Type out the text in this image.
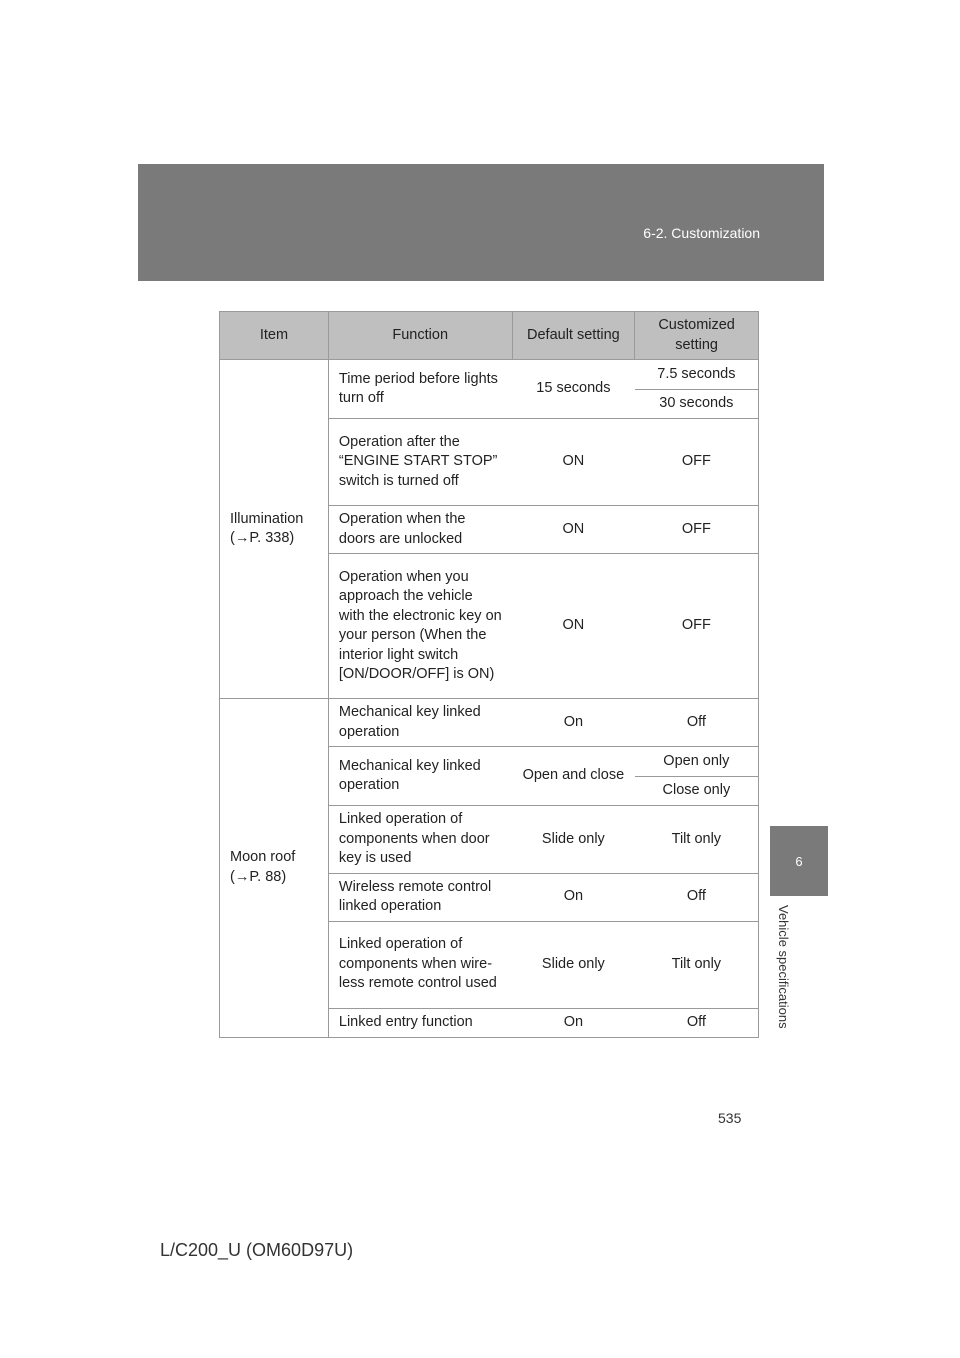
6-2. Customization
6
Vehicle specifications
Item	Function	Default setting	Customized setting
Illumination (→P. 338)	Time period before lights turn off	15 seconds	7.5 seconds
			30 seconds
	Operation after the “ENGINE START STOP” switch is turned off	ON	OFF
	Operation when the doors are unlocked	ON	OFF
	Operation when you approach the vehicle with the electronic key on your person (When the interior light switch [ON/DOOR/OFF] is ON)	ON	OFF
Moon roof (→P. 88)	Mechanical key linked operation	On	Off
	Mechanical key linked operation	Open and close	Open only
			Close only
	Linked operation of components when door key is used	Slide only	Tilt only
	Wireless remote control linked operation	On	Off
	Linked operation of components when wire-less remote control used	Slide only	Tilt only
	Linked entry function	On	Off
535
L/C200_U (OM60D97U)
